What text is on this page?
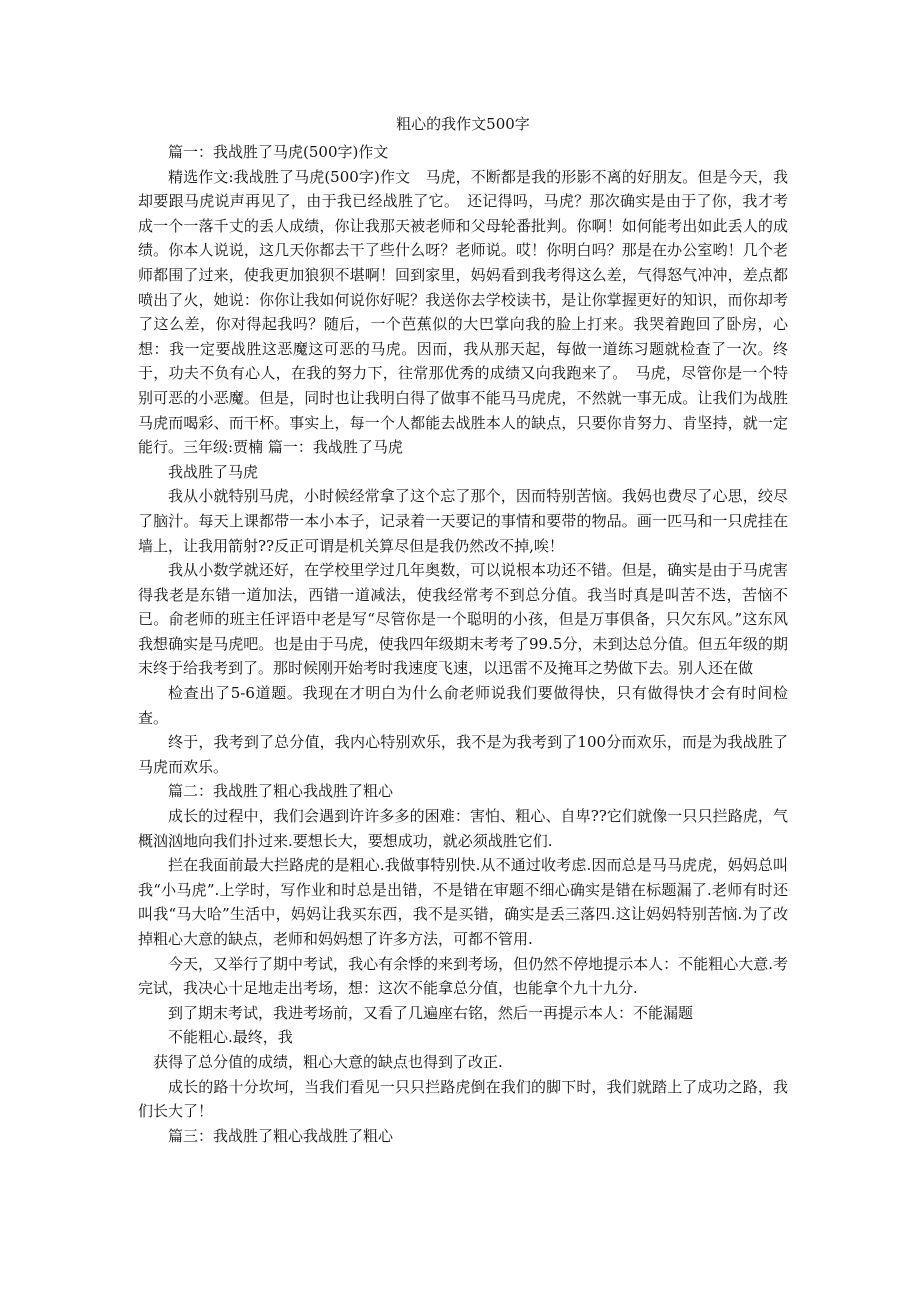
粗心的我作文500字

篇一：我战胜了马虎(500字)作文

精选作文:我战胜了马虎(500字)作文　马虎，不断都是我的形影不离的好朋友。但是今天，我却要跟马虎说声再见了，由于我已经战胜了它。　还记得吗，马虎？那次确实是由于了你，我才考成一个一落千丈的丢人成绩，你让我那天被老师和父母轮番批判。你啊！如何能考出如此丢人的成绩。你本人说说，这几天你都去干了些什么呀？老师说。哎！你明白吗？那是在办公室哟！几个老师都围了过来，使我更加狼狈不堪啊！回到家里，妈妈看到我考得这么差，气得怒气冲冲，差点都喷出了火，她说：你你让我如何说你好呢？我送你去学校读书，是让你掌握更好的知识，而你却考了这么差，你对得起我吗？随后，一个芭蕉似的大巴掌向我的脸上打来。我哭着跑回了卧房，心想：我一定要战胜这恶魔这可恶的马虎。因而，我从那天起，每做一道练习题就检查了一次。终于，功夫不负有心人，在我的努力下，往常那优秀的成绩又向我跑来了。　马虎，尽管你是一个特别可恶的小恶魔。但是，同时也让我明白得了做事不能马马虎虎，不然就一事无成。让我们为战胜马虎而喝彩、而干杯。事实上，每一个人都能去战胜本人的缺点，只要你肯努力、肯坚持，就一定能行。三年级:贾楠 篇一：我战胜了马虎

我战胜了马虎

我从小就特别马虎，小时候经常拿了这个忘了那个，因而特别苦恼。我妈也费尽了心思，绞尽了脑汁。每天上课都带一本小本子，记录着一天要记的事情和要带的物品。画一匹马和一只虎挂在墙上，让我用箭射??反正可谓是机关算尽但是我仍然改不掉,唉！

我从小数学就还好，在学校里学过几年奥数，可以说根本功还不错。但是，确实是由于马虎害得我老是东错一道加法，西错一道减法，使我经常考不到总分值。我当时真是叫苦不迭，苦恼不已。俞老师的班主任评语中老是写“尽管你是一个聪明的小孩，但是万事俱备，只欠东风。”这东风我想确实是马虎吧。也是由于马虎，使我四年级期末考考了99.5分，未到达总分值。但五年级的期末终于给我考到了。那时候刚开始考时我速度飞速，以迅雷不及掩耳之势做下去。别人还在做

检查出了5-6道题。我现在才明白为什么俞老师说我们要做得快，只有做得快才会有时间检查。

终于，我考到了总分值，我内心特别欢乐，我不是为我考到了100分而欢乐，而是为我战胜了马虎而欢乐。

篇二：我战胜了粗心我战胜了粗心

成长的过程中，我们会遇到许许多多的困难：害怕、粗心、自卑??它们就像一只只拦路虎，气概汹汹地向我们扑过来.要想长大，要想成功，就必须战胜它们.

拦在我面前最大拦路虎的是粗心.我做事特别快.从不通过收考虑.因而总是马马虎虎，妈妈总叫我“小马虎”.上学时，写作业和时总是出错，不是错在审题不细心确实是错在标题漏了.老师有时还叫我“马大哈”生活中，妈妈让我买东西，我不是买错，确实是丢三落四.这让妈妈特别苦恼.为了改掉粗心大意的缺点，老师和妈妈想了许多方法，可都不管用.

今天，又举行了期中考试，我心有余悸的来到考场，但仍然不停地提示本人：不能粗心大意.考完试，我决心十足地走出考场，想：这次不能拿总分值，也能拿个九十九分.

到了期末考试，我进考场前，又看了几遍座右铭，然后一再提示本人：不能漏题

不能粗心.最终，我

获得了总分值的成绩，粗心大意的缺点也得到了改正.

成长的路十分坎坷，当我们看见一只只拦路虎倒在我们的脚下时，我们就踏上了成功之路，我们长大了！

篇三：我战胜了粗心我战胜了粗心
